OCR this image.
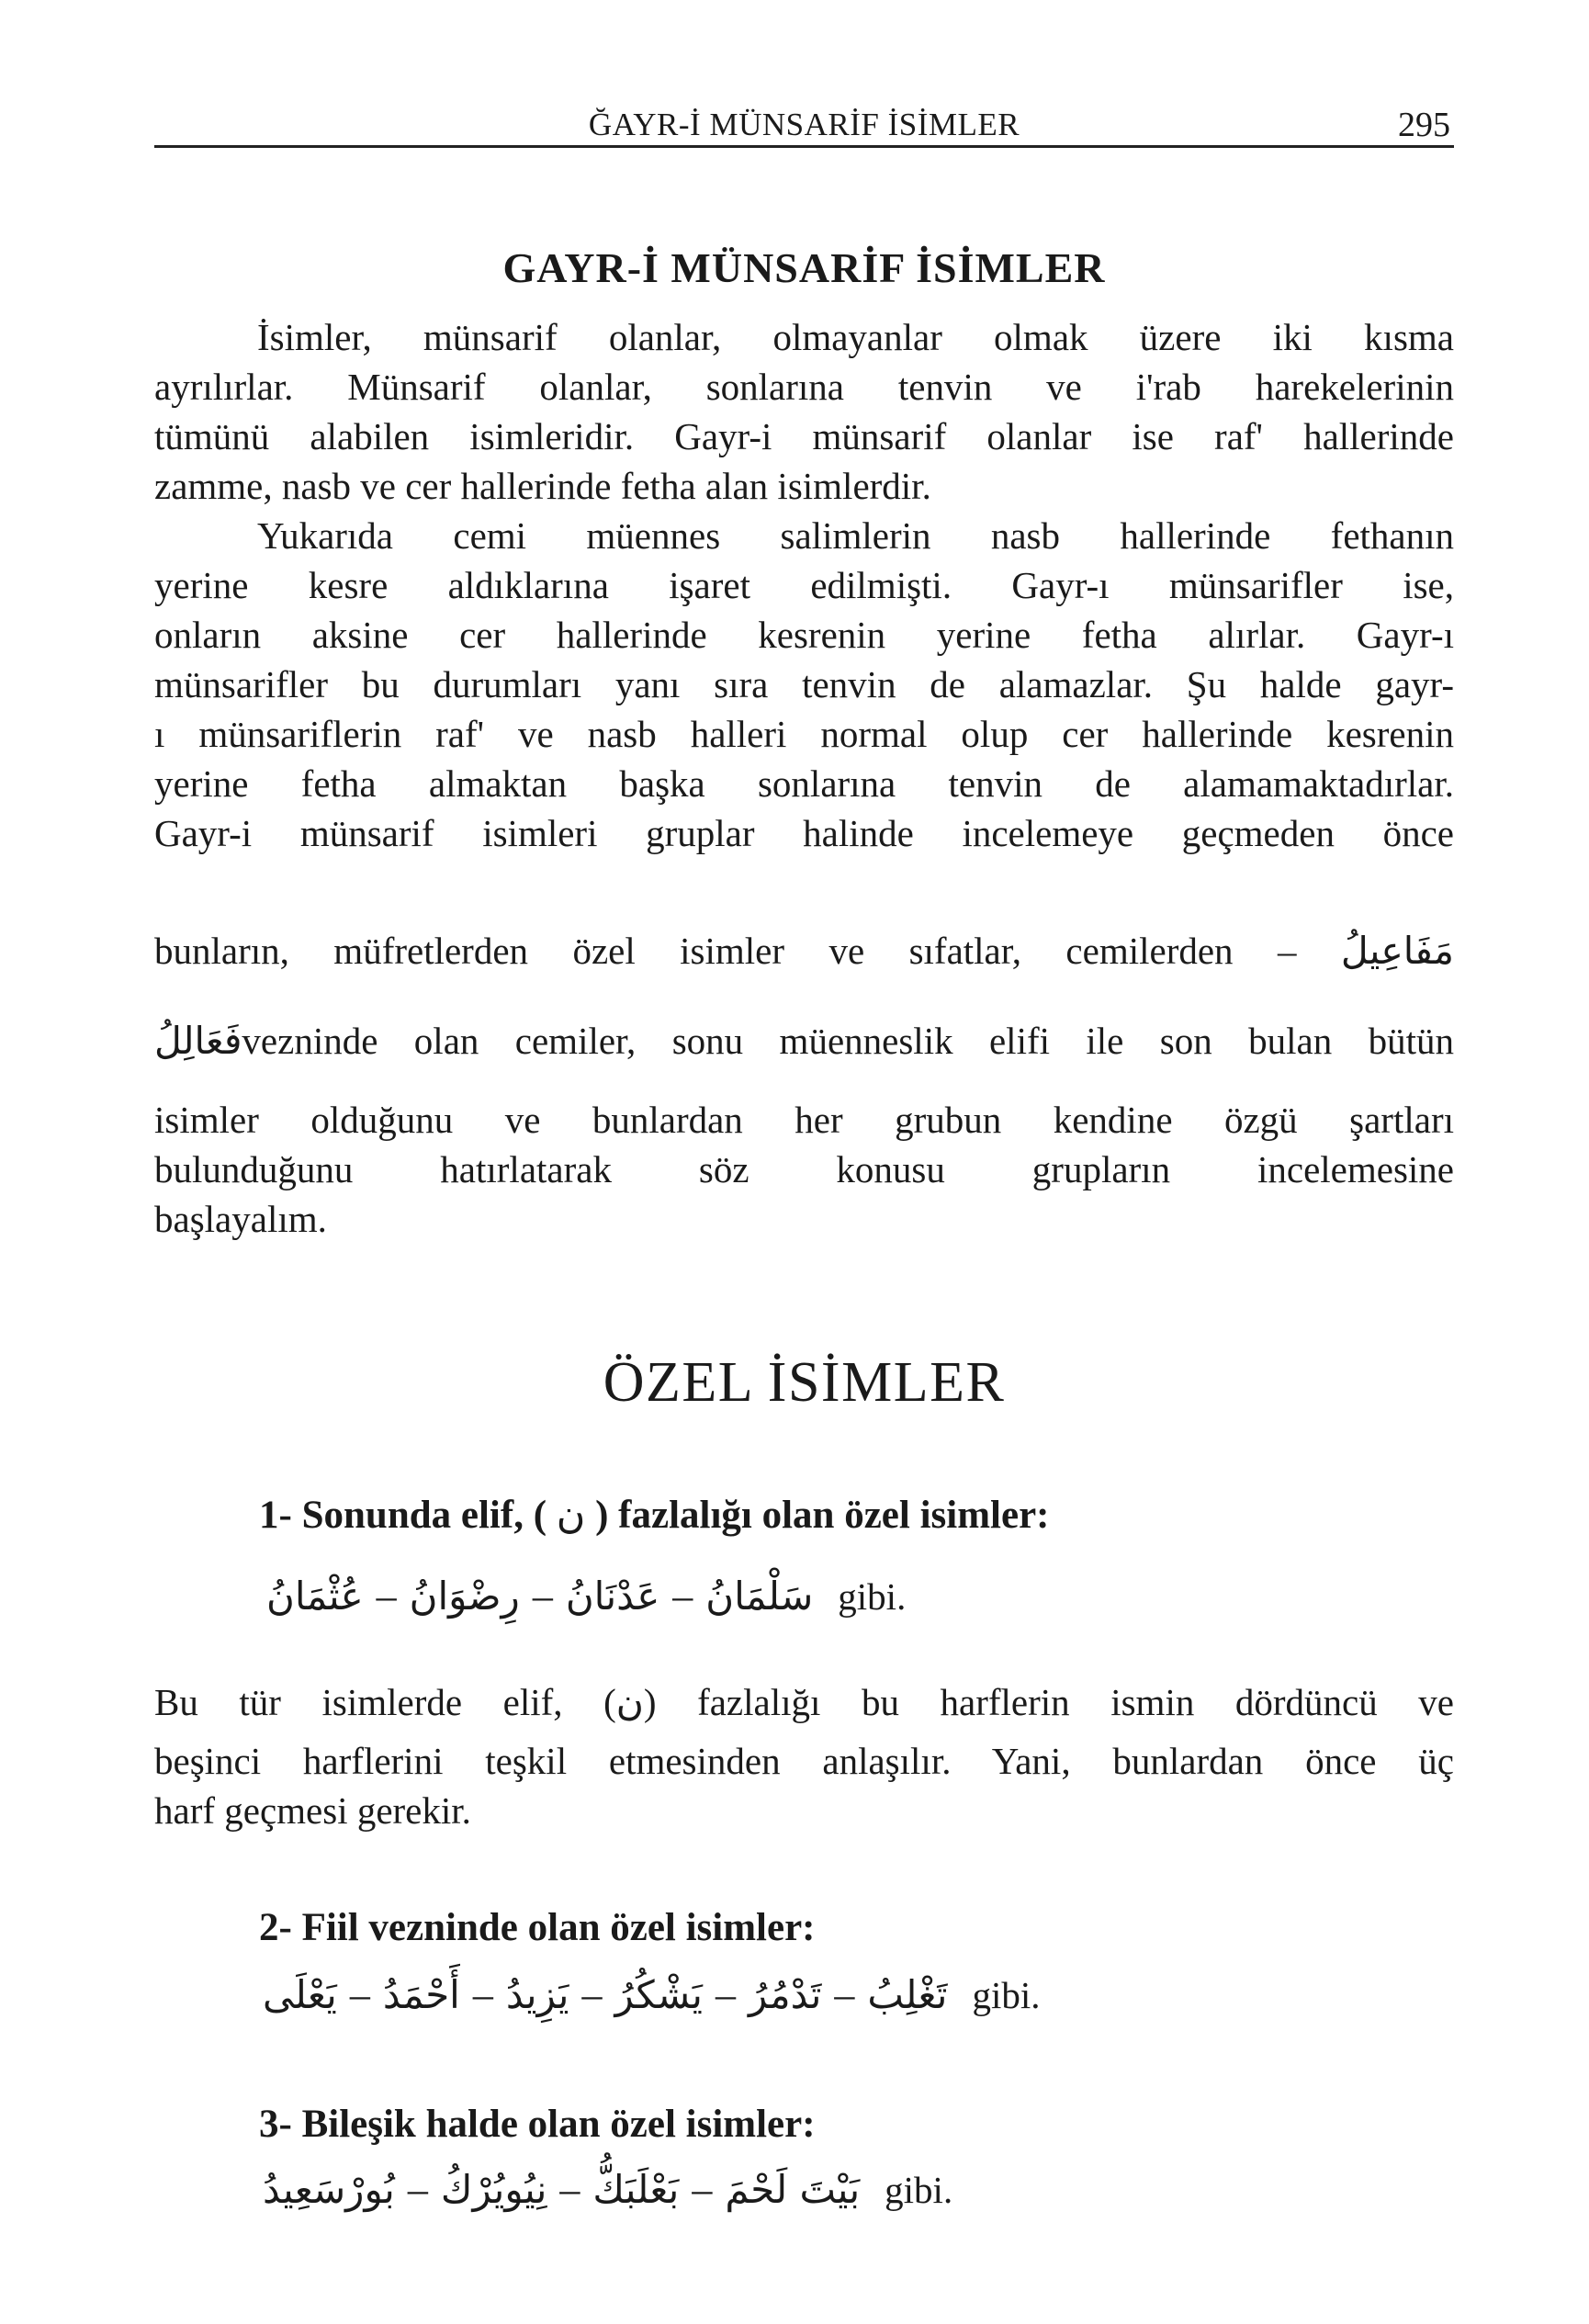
ĞAYR-İ MÜNSARİF İSİMLER	295
GAYR-İ MÜNSARİF İSİMLER
İsimler, münsarif olanlar, olmayanlar olmak üzere iki kısma
ayrılırlar. Münsarif olanlar, sonlarına tenvin ve i'rab harekelerinin
tümünü alabilen isimleridir. Gayr-i münsarif olanlar ise raf' hallerinde
zamme, nasb ve cer hallerinde fetha alan isimlerdir.
Yukarıda cemi müennes salimlerin nasb hallerinde fethanın
yerine kesre aldıklarına işaret edilmişti. Gayr-ı münsarifler ise,
onların aksine cer hallerinde kesrenin yerine fetha alırlar. Gayr-ı
münsarifler bu durumları yanı sıra tenvin de alamazlar. Şu halde gayr-
ı münsariflerin raf' ve nasb halleri normal olup cer hallerinde kesrenin
yerine fetha almaktan başka sonlarına tenvin de alamamaktadırlar.
Gayr-i münsarif isimleri gruplar halinde incelemeye geçmeden önce
bunların, müfretlerden özel isimler ve sıfatlar, cemilerden – مَفَاعِيلُ
فَعَالِلُvezninde olan cemiler, sonu müenneslik elifi ile son bulan bütün
isimler olduğunu ve bunlardan her grubun kendine özgü şartları
bulunduğunu hatırlatarak söz konusu grupların incelemesine
başlayalım.
ÖZEL İSİMLER
1- Sonunda elif, ( ن ) fazlalığı olan özel isimler:
عُثْمَانُ – رِضْوَانُ – عَدْنَانُ – سَلْمَانُ gibi.
Bu tür isimlerde elif, (ن) fazlalığı bu harflerin ismin dördüncü ve
beşinci harflerini teşkil etmesinden anlaşılır. Yani, bunlardan önce üç
harf geçmesi gerekir.
2- Fiil vezninde olan özel isimler:
يَعْلَى – أَحْمَدُ – يَزِيدُ – يَشْكُرُ – تَدْمُرُ – تَغْلِبُ gibi.
3- Bileşik halde olan özel isimler:
بُورْسَعِيدُ – نِيُويُرْكُ – بَعْلَبَكُّ – بَيْتَ لَحْمَ gibi.
